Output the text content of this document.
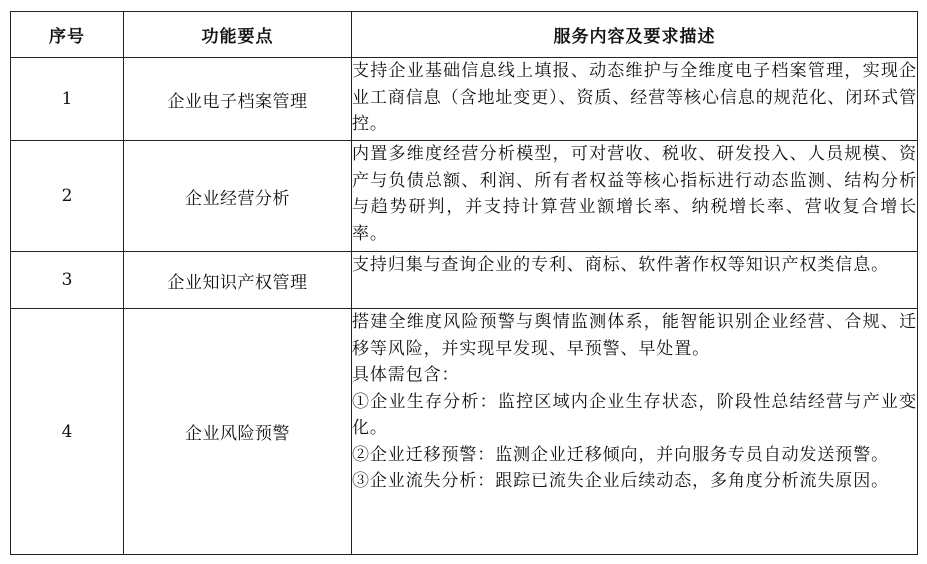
序号	功能要点	服务内容及要求描述
1	企业电子档案管理	支持企业基础信息线上填报、动态维护与全维度电子档案管理，实现企业工商信息（含地址变更）、资质、经营等核心信息的规范化、闭环式管控。

2	企业经营分析	内置多维度经营分析模型，可对营收、税收、研发投入、人员规模、资产与负债总额、利润、所有者权益等核心指标进行动态监测、结构分析与趋势研判，并支持计算营业额增长率、纳税增长率、营收复合增长率。

3	企业知识产权管理	支持归集与查询企业的专利、商标、软件著作权等知识产权类信息。

4	企业风险预警	搭建全维度风险预警与舆情监测体系，能智能识别企业经营、合规、迁移等风险，并实现早发现、早预警、早处置。
具体需包含：
①企业生存分析：监控区域内企业生存状态，阶段性总结经营与产业变化。
②企业迁移预警：监测企业迁移倾向，并向服务专员自动发送预警。
③企业流失分析：跟踪已流失企业后续动态，多角度分析流失原因。
